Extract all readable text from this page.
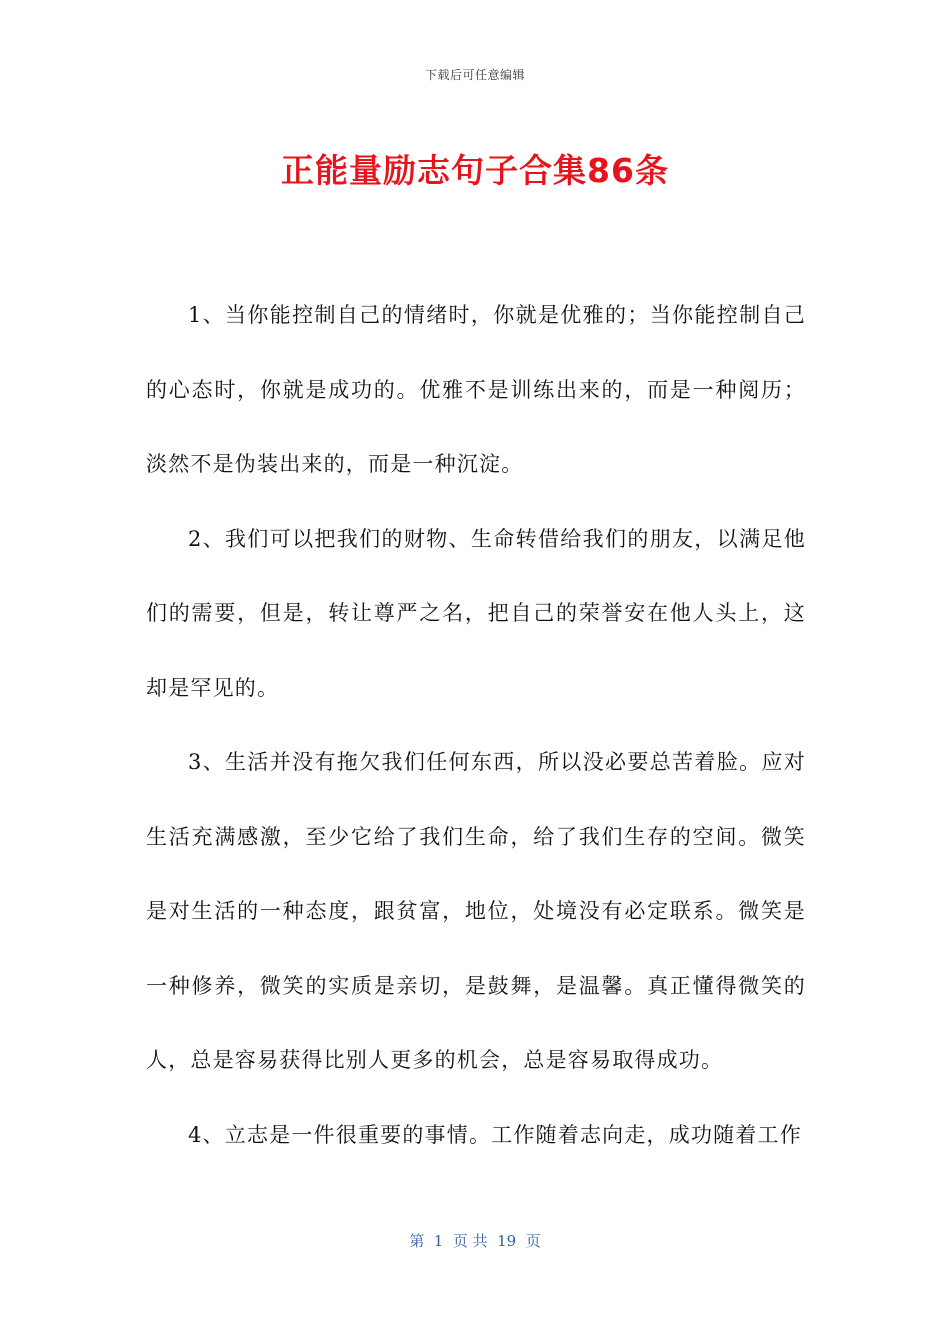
下载后可任意编辑
正能量励志句子合集86条

1、当你能控制自己的情绪时，你就是优雅的；当你能控制自己的心态时，你就是成功的。优雅不是训练出来的，而是一种阅历；淡然不是伪装出来的，而是一种沉淀。

2、我们可以把我们的财物、生命转借给我们的朋友，以满足他们的需要，但是，转让尊严之名，把自己的荣誉安在他人头上，这却是罕见的。

3、生活并没有拖欠我们任何东西，所以没必要总苦着脸。应对生活充满感激，至少它给了我们生命，给了我们生存的空间。微笑是对生活的一种态度，跟贫富，地位，处境没有必定联系。微笑是一种修养，微笑的实质是亲切，是鼓舞，是温馨。真正懂得微笑的人，总是容易获得比别人更多的机会，总是容易取得成功。

4、立志是一件很重要的事情。工作随着志向走，成功随着工作

第  1  页 共  19  页
